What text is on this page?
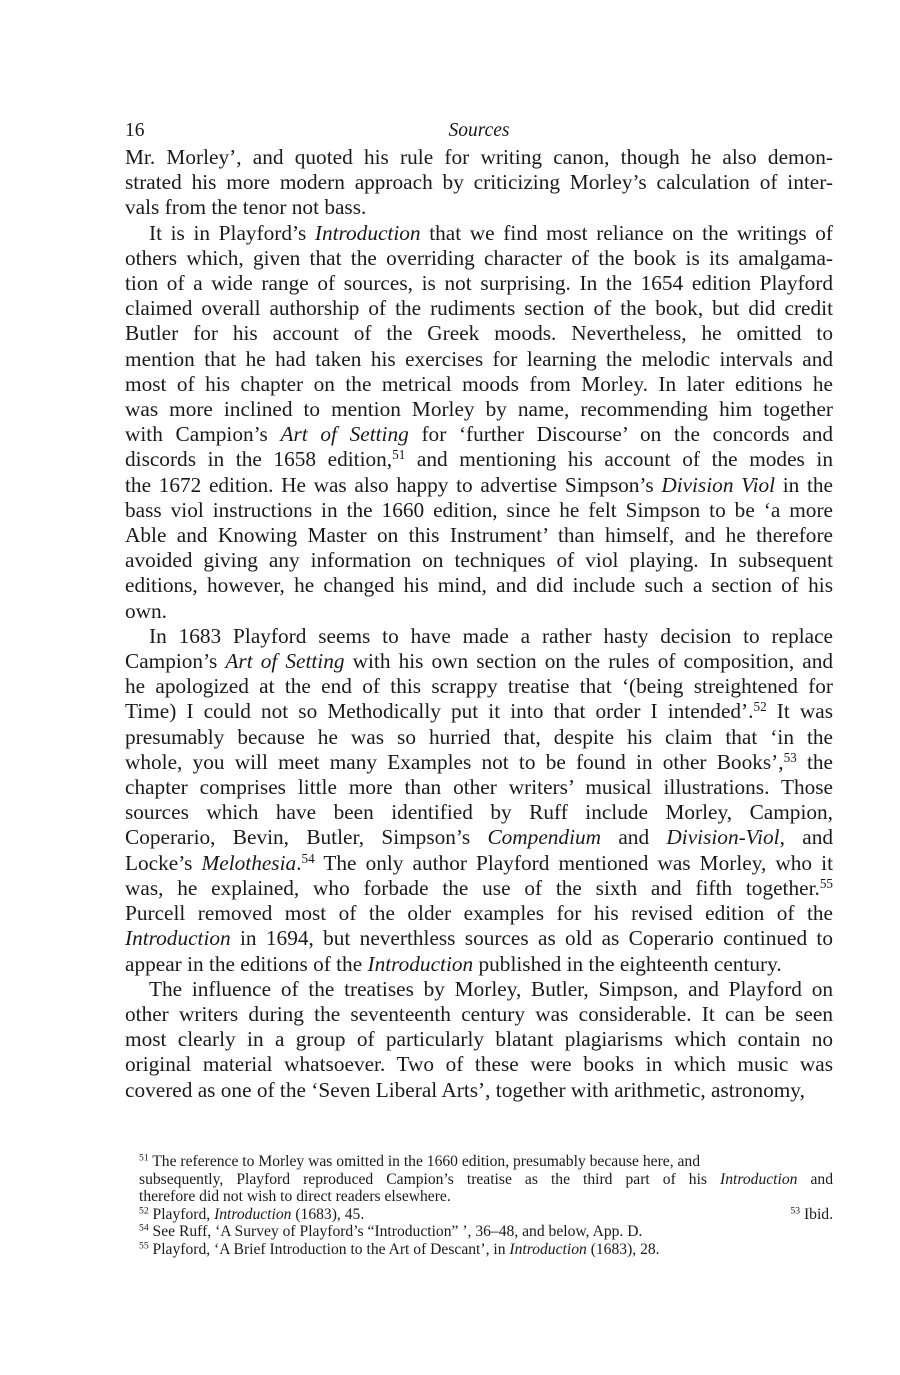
16	Sources
Mr. Morley’, and quoted his rule for writing canon, though he also demon-
strated his more modern approach by criticizing Morley’s calculation of inter-
vals from the tenor not bass.
It is in Playford’s Introduction that we find most reliance on the writings of
others which, given that the overriding character of the book is its amalgama-
tion of a wide range of sources, is not surprising. In the 1654 edition Playford
claimed overall authorship of the rudiments section of the book, but did credit
Butler for his account of the Greek moods. Nevertheless, he omitted to
mention that he had taken his exercises for learning the melodic intervals and
most of his chapter on the metrical moods from Morley. In later editions he
was more inclined to mention Morley by name, recommending him together
with Campion’s Art of Setting for ‘further Discourse’ on the concords and
discords in the 1658 edition,$^{51}$ and mentioning his account of the modes in
the 1672 edition. He was also happy to advertise Simpson’s Division Viol in the
bass viol instructions in the 1660 edition, since he felt Simpson to be ‘a more
Able and Knowing Master on this Instrument’ than himself, and he therefore
avoided giving any information on techniques of viol playing. In subsequent
editions, however, he changed his mind, and did include such a section of his
own.
In 1683 Playford seems to have made a rather hasty decision to replace
Campion’s Art of Setting with his own section on the rules of composition, and
he apologized at the end of this scrappy treatise that ‘(being streightened for
Time) I could not so Methodically put it into that order I intended’.$^{52}$ It was
presumably because he was so hurried that, despite his claim that ‘in the
whole, you will meet many Examples not to be found in other Books’,$^{53}$ the
chapter comprises little more than other writers’ musical illustrations. Those
sources which have been identified by Ruff include Morley, Campion,
Coperario, Bevin, Butler, Simpson’s Compendium and Division-Viol, and
Locke’s Melothesia.$^{54}$ The only author Playford mentioned was Morley, who it
was, he explained, who forbade the use of the sixth and fifth together.$^{55}$
Purcell removed most of the older examples for his revised edition of the
Introduction in 1694, but neverthless sources as old as Coperario continued to
appear in the editions of the Introduction published in the eighteenth century.
The influence of the treatises by Morley, Butler, Simpson, and Playford on
other writers during the seventeenth century was considerable. It can be seen
most clearly in a group of particularly blatant plagiarisms which contain no
original material whatsoever. Two of these were books in which music was
covered as one of the ‘Seven Liberal Arts’, together with arithmetic, astronomy,

$^{51}$ The reference to Morley was omitted in the 1660 edition, presumably because here, and
subsequently, Playford reproduced Campion’s treatise as the third part of his Introduction and
therefore did not wish to direct readers elsewhere.

$^{52}$ Playford, Introduction (1683), 45.	$^{53}$ Ibid.

$^{54}$ See Ruff, ‘A Survey of Playford’s “Introduction” ’, 36–48, and below, App. D.

$^{55}$ Playford, ‘A Brief Introduction to the Art of Descant’, in Introduction (1683), 28.
